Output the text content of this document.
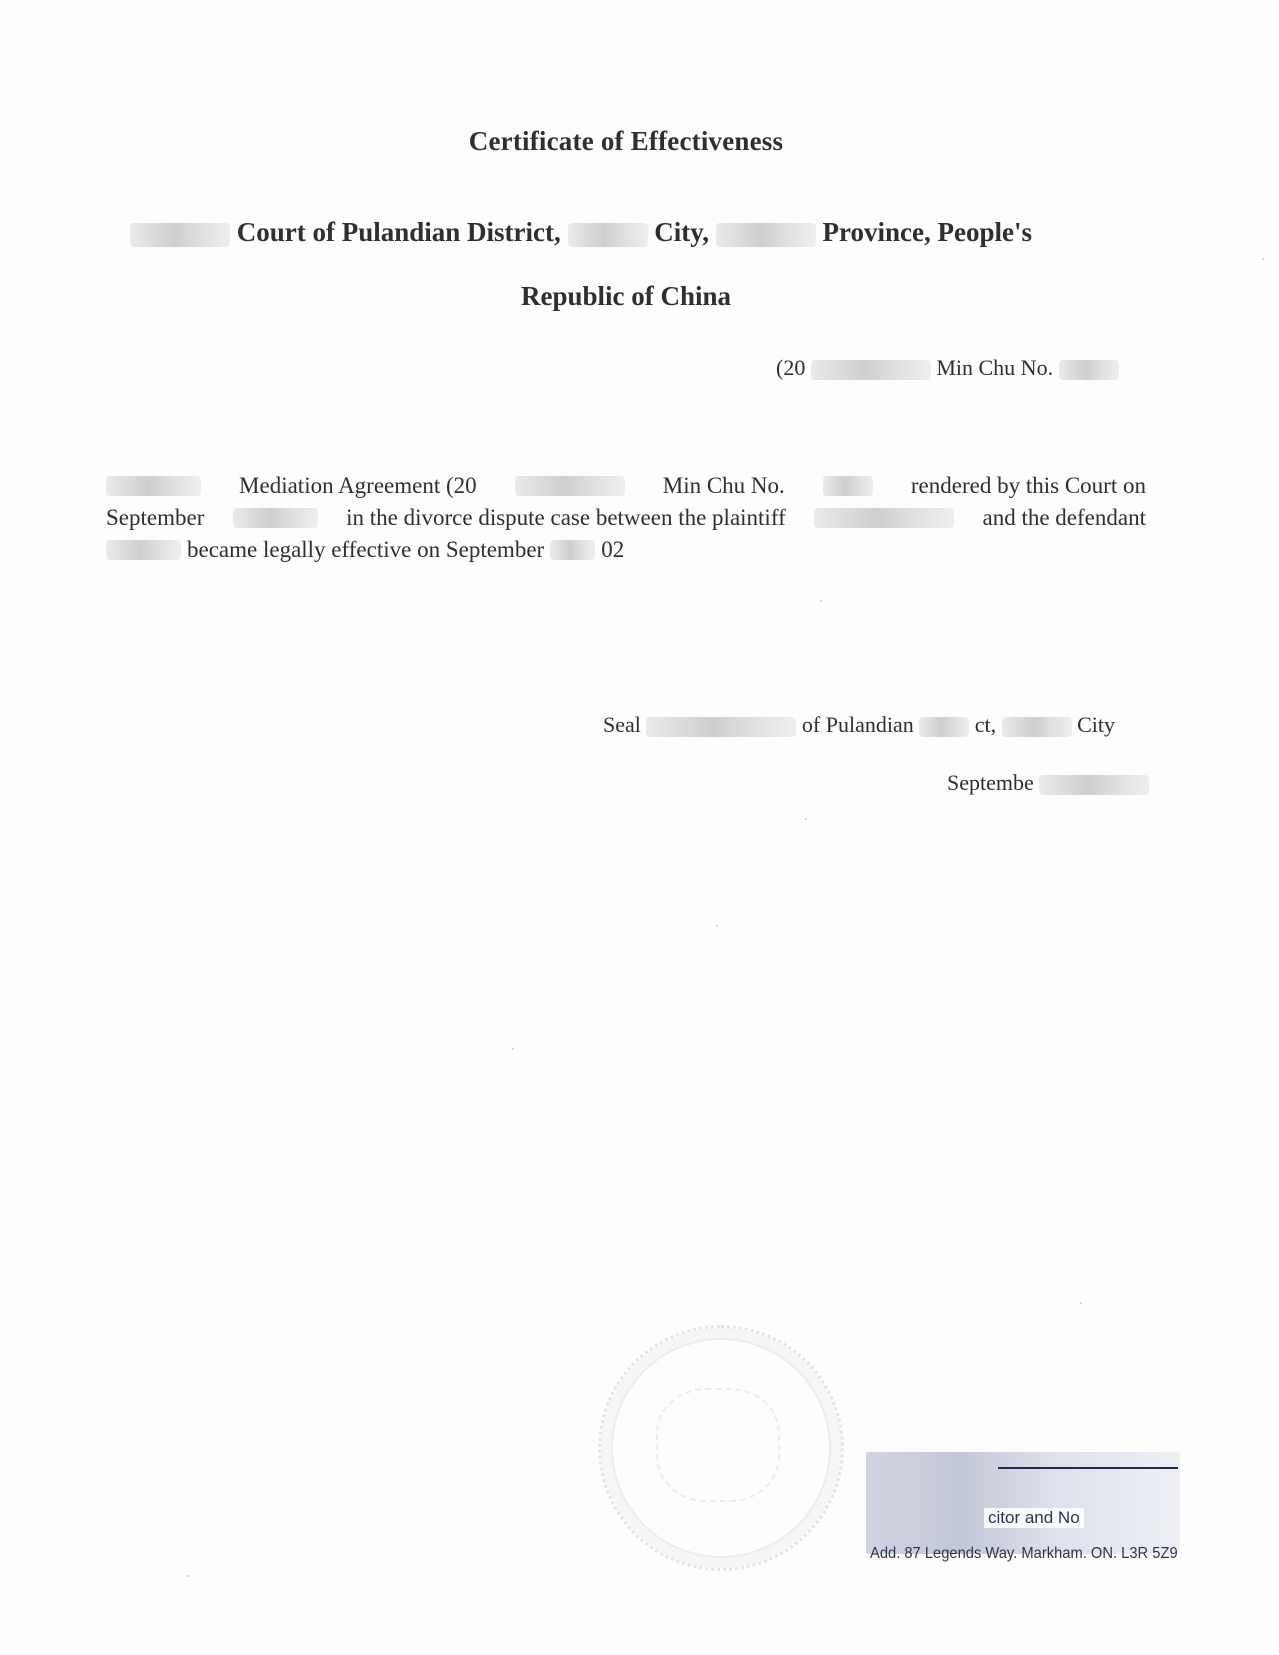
Certificate of Effectiveness
Court of Pulandian District,	City,	Province, People's
Republic of China
(20	Min Chu No.
Mediation Agreement (20	Min Chu No.	rendered by this Court on
September	in the divorce dispute case between the plaintiff	and the defendant
became legally effective on September 02
Seal	of Pulandian	ct,	City
Septembe
citor and No
Add. 87 Legends Way. Markham. ON. L3R 5Z9
